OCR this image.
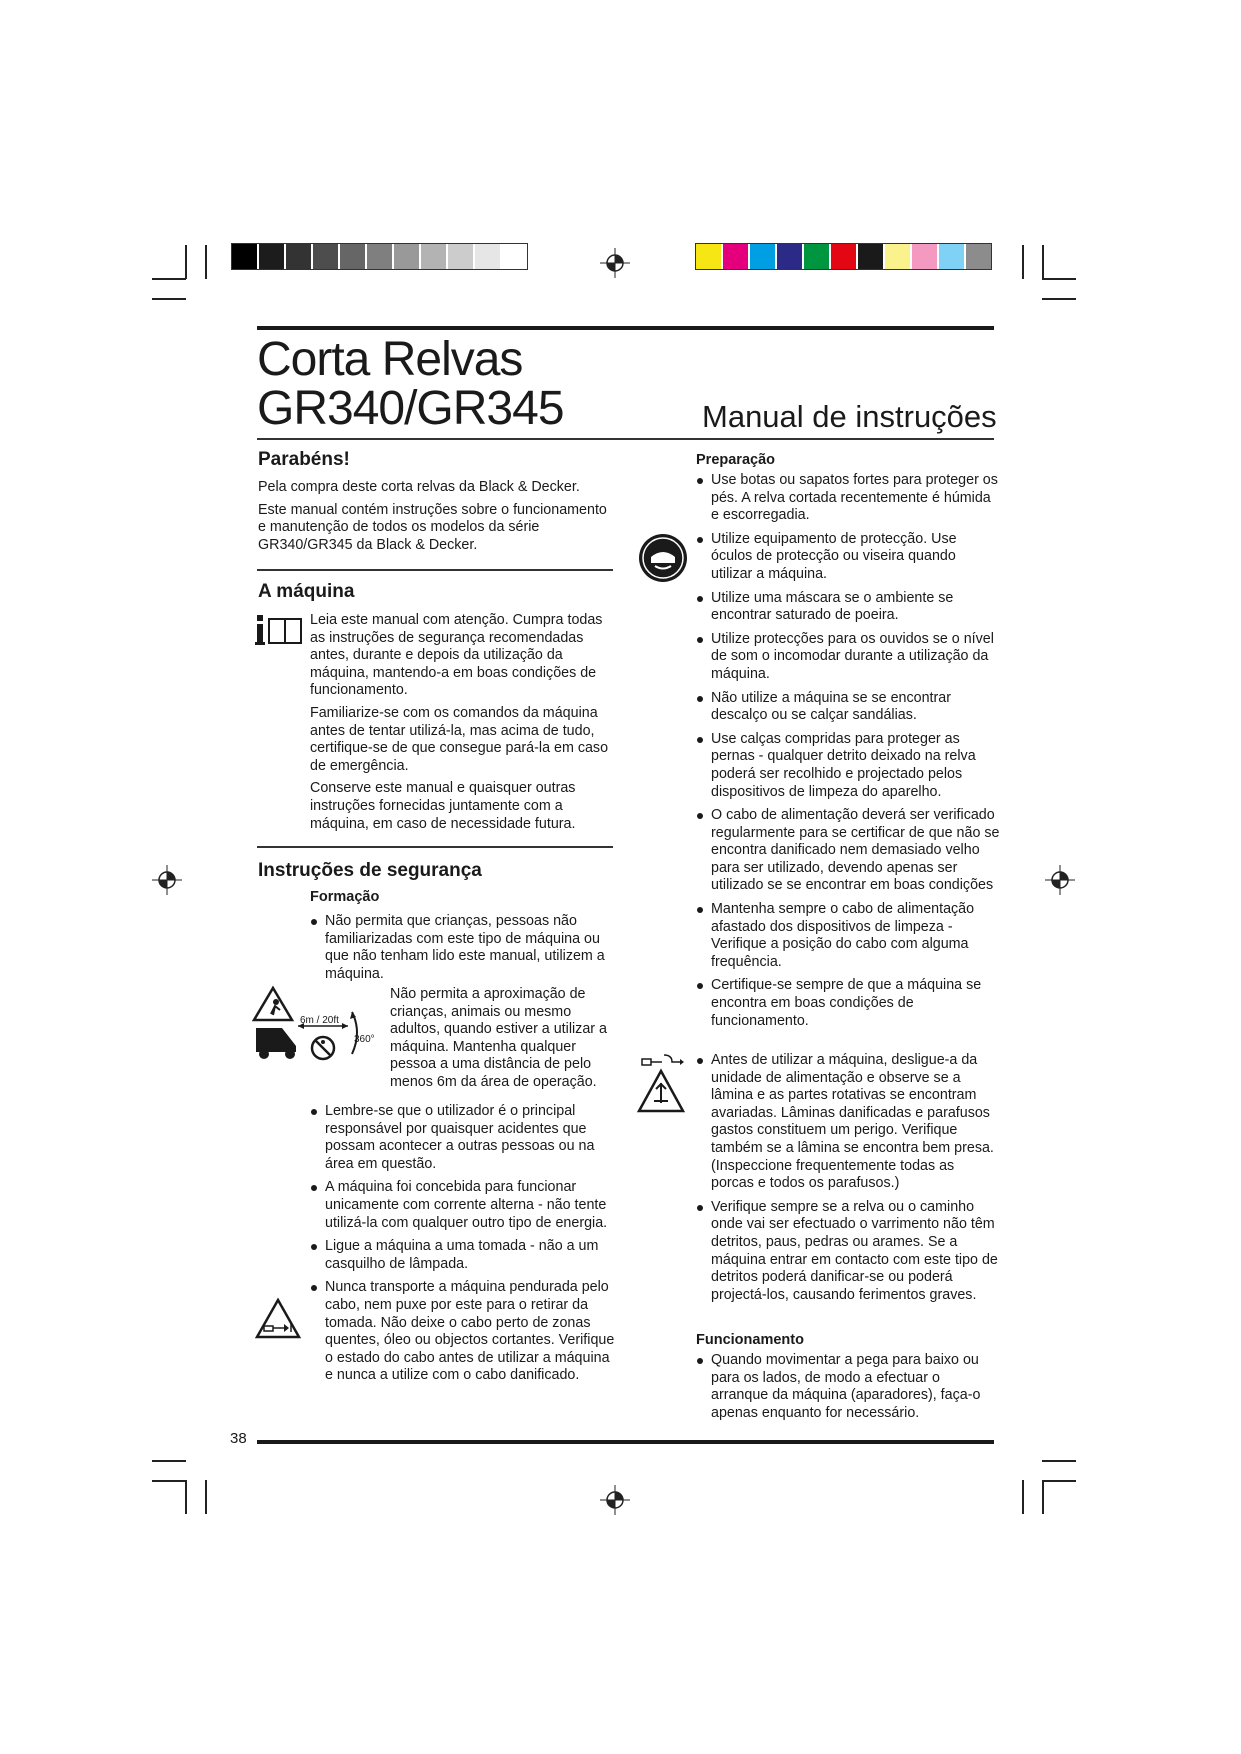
Corta Relvas
GR340/GR345	Manual de instruções
Parabéns!

Pela compra deste corta relvas da Black & Decker.

Este manual contém instruções sobre o funcionamento e manutenção de todos os modelos da série GR340/GR345 da Black & Decker.

A máquina

Leia este manual com atenção. Cumpra todas as instruções de segurança recomendadas antes, durante e depois da utilização da máquina, mantendo-a em boas condições de funcionamento.

Familiarize-se com os comandos da máquina antes de tentar utilizá-la, mas acima de tudo, certifique-se de que consegue pará-la em caso de emergência.

Conserve este manual e quaisquer outras instruções fornecidas juntamente com a máquina, em caso de necessidade futura.

Instruções de segurança
Formação
Não permita que crianças, pessoas não familiarizadas com este tipo de máquina ou que não tenham lido este manual, utilizem a máquina.
6m / 20ft
360°
Não permita a aproximação de crianças, animais ou mesmo adultos, quando estiver a utilizar a máquina. Mantenha qualquer pessoa a uma distância de pelo menos 6m da área de operação.
Lembre-se que o utilizador é o principal responsável por quaisquer acidentes que possam acontecer a outras pessoas ou na área em questão.
A máquina foi concebida para funcionar unicamente com corrente alterna - não tente utilizá-la com qualquer outro tipo de energia.
Ligue a máquina a uma tomada - não a um casquilho de lâmpada.
Nunca transporte a máquina pendurada pelo cabo, nem puxe por este para o retirar da tomada. Não deixe o cabo perto de zonas quentes, óleo ou objectos cortantes. Verifique o estado do cabo antes de utilizar a máquina e nunca a utilize com o cabo danificado.
Preparação
Use botas ou sapatos fortes para proteger os pés. A relva cortada recentemente é húmida e escorregadia.
Utilize equipamento de protecção. Use óculos de protecção ou viseira quando utilizar a máquina.
Utilize uma máscara se o ambiente se encontrar saturado de poeira.
Utilize protecções para os ouvidos se o nível de som o incomodar durante a utilização da máquina.
Não utilize a máquina se se encontrar descalço ou se calçar sandálias.
Use calças compridas para proteger as pernas - qualquer detrito deixado na relva poderá ser recolhido e projectado pelos dispositivos de limpeza do aparelho.
O cabo de alimentação deverá ser verificado regularmente para se certificar de que não se encontra danificado nem demasiado velho para ser utilizado, devendo apenas ser utilizado se se encontrar em boas condições
Mantenha sempre o cabo de alimentação afastado dos dispositivos de limpeza - Verifique a posição do cabo com alguma frequência.
Certifique-se sempre de que a máquina se encontra em boas condições de funcionamento.
Antes de utilizar a máquina, desligue-a da unidade de alimentação e observe se a lâmina e as partes rotativas se encontram avariadas. Lâminas danificadas e parafusos gastos constituem um perigo. Verifique também se a lâmina se encontra bem presa. (Inspeccione frequentemente todas as porcas e todos os parafusos.)
Verifique sempre se a relva ou o caminho onde vai ser efectuado o varrimento não têm detritos, paus, pedras ou arames. Se a máquina entrar em contacto com este tipo de detritos poderá danificar-se ou poderá projectá-los, causando ferimentos graves.
Funcionamento
Quando movimentar a pega para baixo ou para os lados, de modo a efectuar o arranque da máquina (aparadores), faça-o apenas enquanto for necessário.
38
